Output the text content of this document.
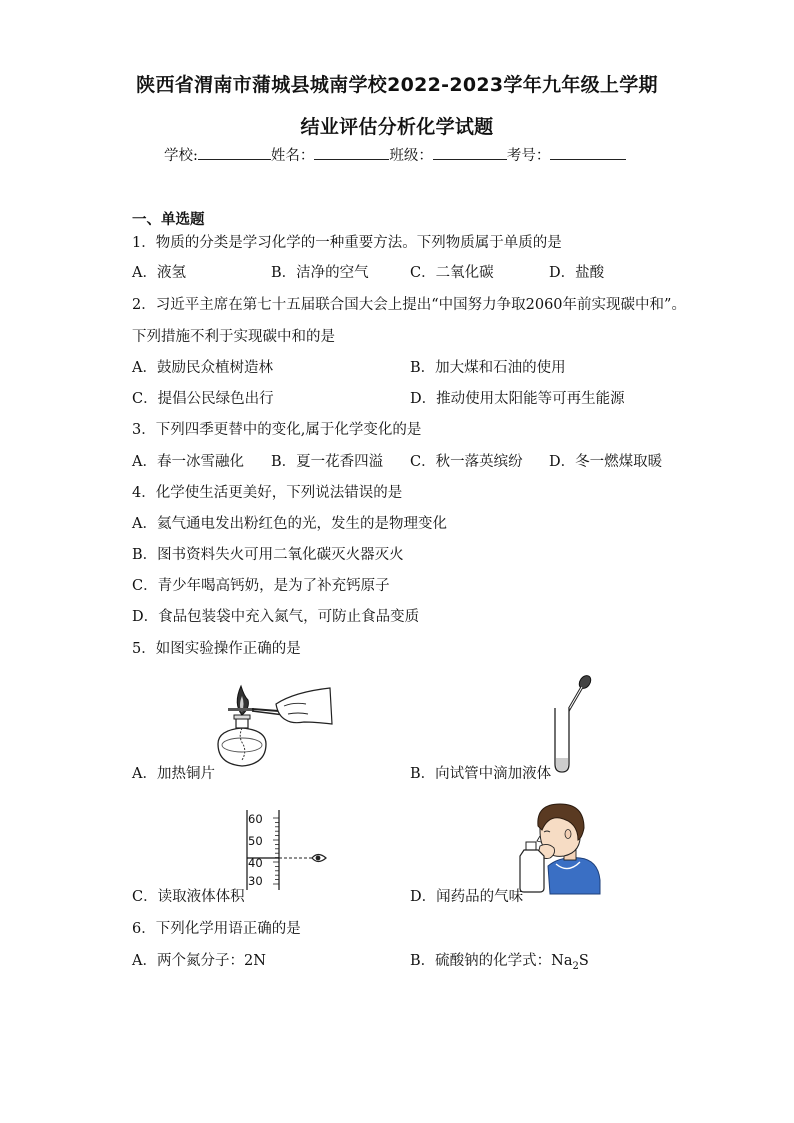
陕西省渭南市蒲城县城南学校2022-2023学年九年级上学期
结业评估分析化学试题
学校:	姓名：	班级：	考号：
一、单选题
1．物质的分类是学习化学的一种重要方法。下列物质属于单质的是
A．液氢	B．洁净的空气	C．二氧化碳	D．盐酸
2．习近平主席在第七十五届联合国大会上提出“中国努力争取2060年前实现碳中和”。
下列措施不利于实现碳中和的是
A．鼓励民众植树造林	B．加大煤和石油的使用
C．提倡公民绿色出行	D．推动使用太阳能等可再生能源
3．下列四季更替中的变化,属于化学变化的是
A．春一冰雪融化 B．夏一花香四溢 C．秋一落英缤纷 D．冬一燃煤取暖
4．化学使生活更美好，下列说法错误的是
A．氦气通电发出粉红色的光，发生的是物理变化
B．图书资料失火可用二氧化碳灭火器灭火
C．青少年喝高钙奶，是为了补充钙原子
D．食品包装袋中充入氮气，可防止食品变质
5．如图实验操作正确的是
A．加热铜片	B．向试管中滴加液体
60
50
40
30
C．读取液体体积	D．闻药品的气味
6．下列化学用语正确的是
A．两个氮分子：2N	B．硫酸钠的化学式：$Na_2S$
